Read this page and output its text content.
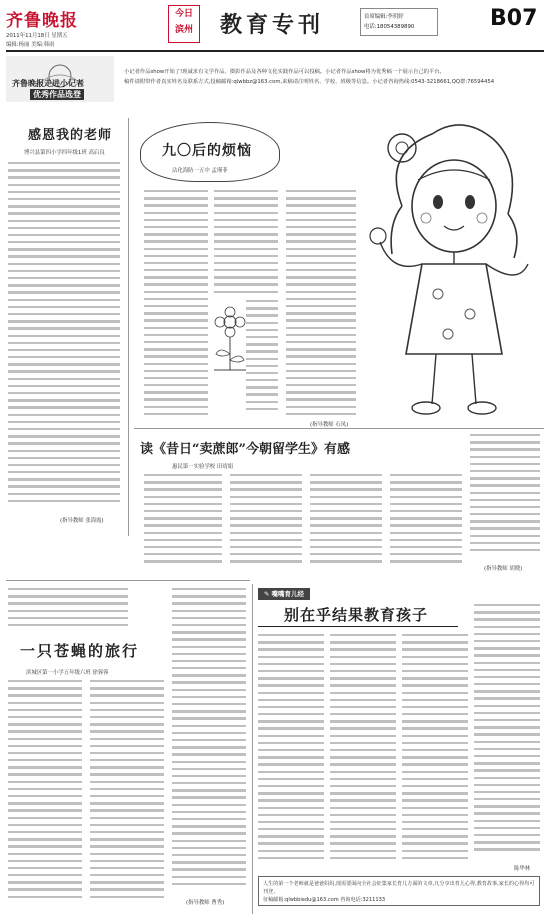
齐鲁晚报
2011年11月18日 星期五
编辑:杨丽 美编:韩雨
今日
滨州 教育专刊	首席编辑:李玥婷
电话:18054389890	B07
齐鲁晚报走进小记者
优秀作品选登
小记者作品show开始了!现诚求有文学作品、摄影作品及各种文化实践作品可以投稿。小记者作品show将为优秀稿一个展示自己的平台。
稿件请附带作者真实姓名及联系方式,投稿邮箱:qlwbbz@163.com,来稿请注明姓名、学校、班级等信息。小记者咨询热线:0543-3218661,QQ群:76594454
感恩我的老师
博兴县第四小学四年级1班 高启良
(指导教师 张海霞)
九〇后的烦恼
沾化海防一五中 孟瑾菲
(指导教师 石凤)
读《昔日“卖蔗郎”今朝留学生》有感
惠民第一实验学校 田靖娟
(指导教师 胡晓)
一只苍蝇的旅行
滨城区第一小学五年级六班 徐蓉蓉
(指导教师 曹秀)
✎ 嘴嘴育儿经
别在乎结果教育孩子
陈华林
人生的第一个老师就是爸爸妈妈,现需要面向全社会征集家长育儿方面的文章,凡分享出育儿心得,教育故事,家长的心得均可刊登。
征稿邮箱:qlwbbiedu@163.com 咨询电话:3211133
